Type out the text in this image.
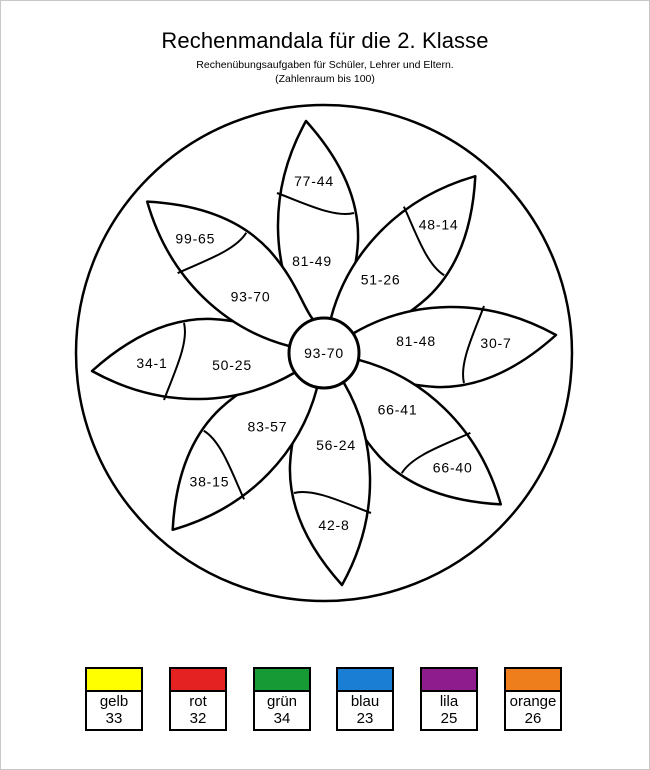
Rechenmandala für die 2. Klasse
Rechenübungsaufgaben für Schüler, Lehrer und Eltern.
(Zahlenraum bis 100)
93-70
77-44
81-49
48-14
51-26
30-7
81-48
66-40
66-41
42-8
56-24
38-15
83-57
34-1	50-25
99-65
93-70
gelb
33
rot
32
grün
34
blau
23
lila
25
orange
26
